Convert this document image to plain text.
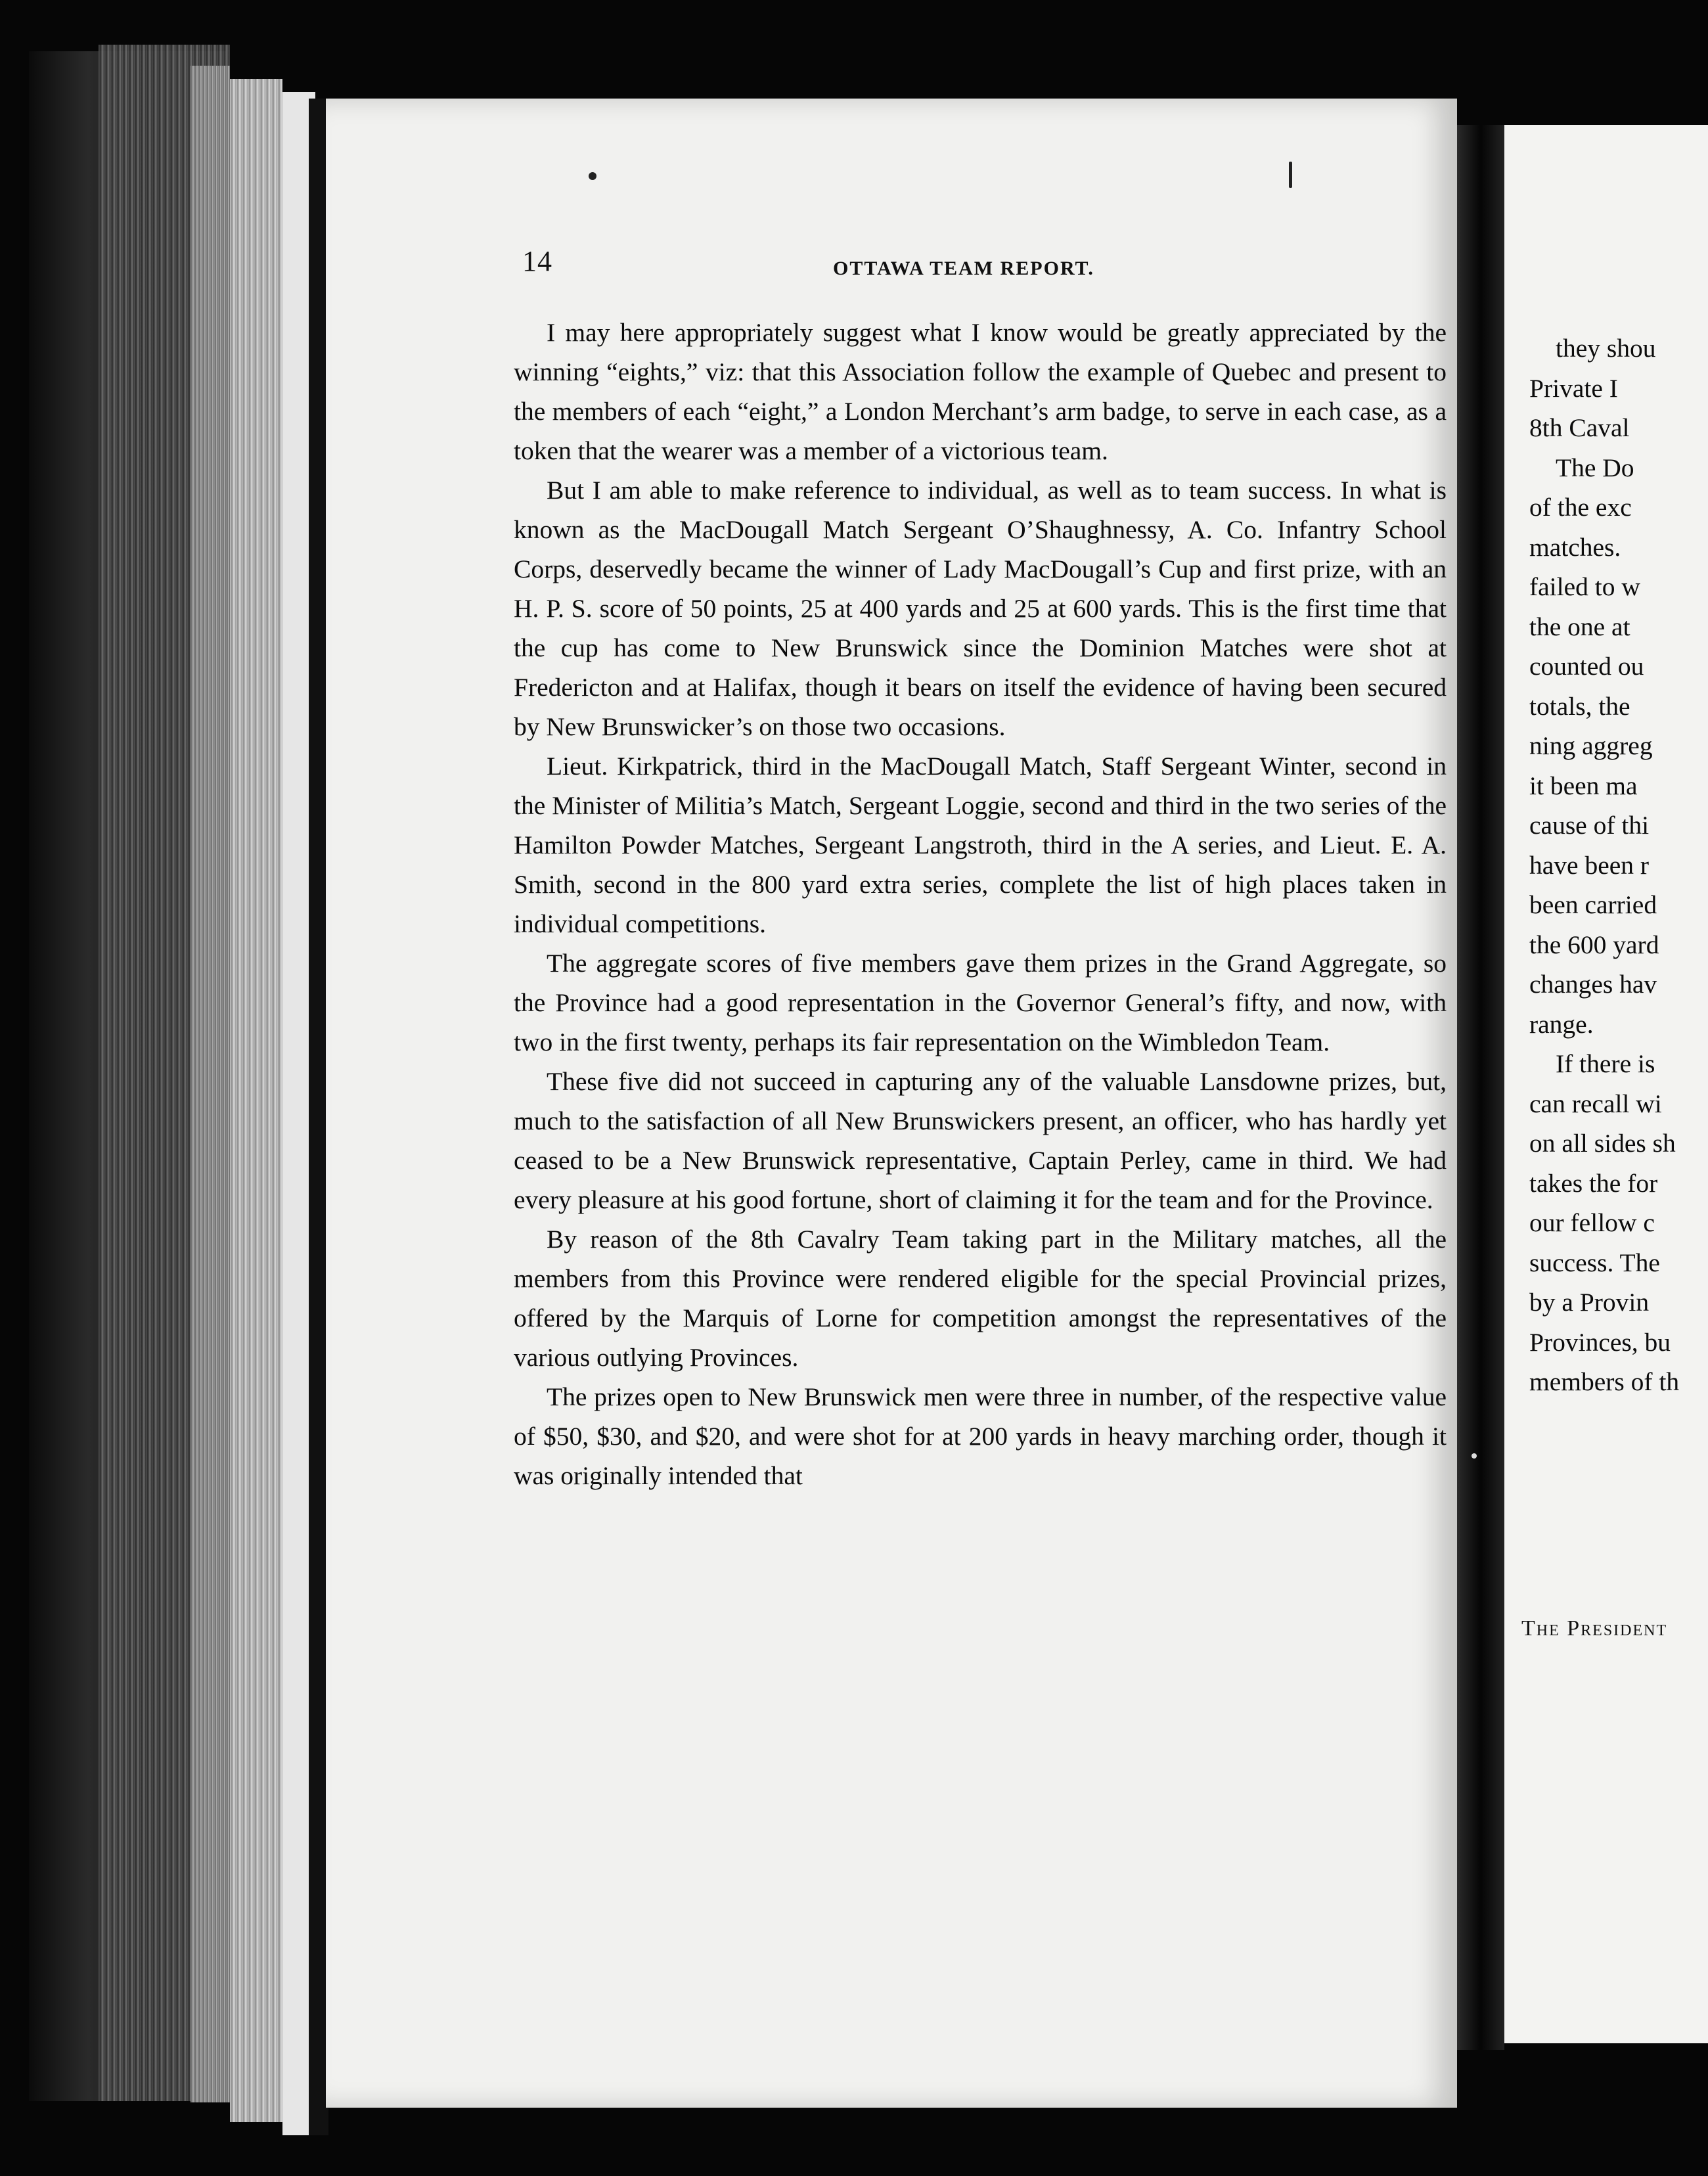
14	OTTAWA TEAM REPORT.

I may here appropriately suggest what I know would be greatly appreciated by the winning “eights,” viz: that this Association follow the example of Quebec and present to the members of each “eight,” a London Merchant’s arm badge, to serve in each case, as a token that the wearer was a member of a victorious team.

But I am able to make reference to individual, as well as to team success. In what is known as the MacDougall Match Sergeant O’Shaughnessy, A. Co. Infantry School Corps, deservedly became the winner of Lady MacDougall’s Cup and first prize, with an H. P. S. score of 50 points, 25 at 400 yards and 25 at 600 yards. This is the first time that the cup has come to New Brunswick since the Dominion Matches were shot at Fredericton and at Halifax, though it bears on itself the evidence of having been secured by New Brunswicker’s on those two occasions.

Lieut. Kirkpatrick, third in the MacDougall Match, Staff Sergeant Winter, second in the Minister of Militia’s Match, Sergeant Loggie, second and third in the two series of the Hamilton Powder Matches, Sergeant Langstroth, third in the A series, and Lieut. E. A. Smith, second in the 800 yard extra series, complete the list of high places taken in individual competitions.

The aggregate scores of five members gave them prizes in the Grand Aggregate, so the Province had a good representation in the Governor General’s fifty, and now, with two in the first twenty, perhaps its fair representation on the Wimbledon Team.

These five did not succeed in capturing any of the valuable Lansdowne prizes, but, much to the satisfaction of all New Brunswickers present, an officer, who has hardly yet ceased to be a New Brunswick representative, Captain Perley, came in third. We had every pleasure at his good fortune, short of claiming it for the team and for the Province.

By reason of the 8th Cavalry Team taking part in the Military matches, all the members from this Province were rendered eligible for the special Provincial prizes, offered by the Marquis of Lorne for competition amongst the representatives of the various outlying Provinces.

The prizes open to New Brunswick men were three in number, of the respective value of $50, $30, and $20, and were shot for at 200 yards in heavy marching order, though it was originally intended that

they shou
Private I
8th Caval
The Do
of the exc
matches.
failed to w
the one at
counted ou
totals, the
ning aggreg
it been ma
cause of thi
have been r
been carried
the 600 yard
changes hav
range.
If there is
can recall wi
on all sides sh
takes the for
our fellow c
success. The
by a Provin
Provinces, bu
members of th
The President
